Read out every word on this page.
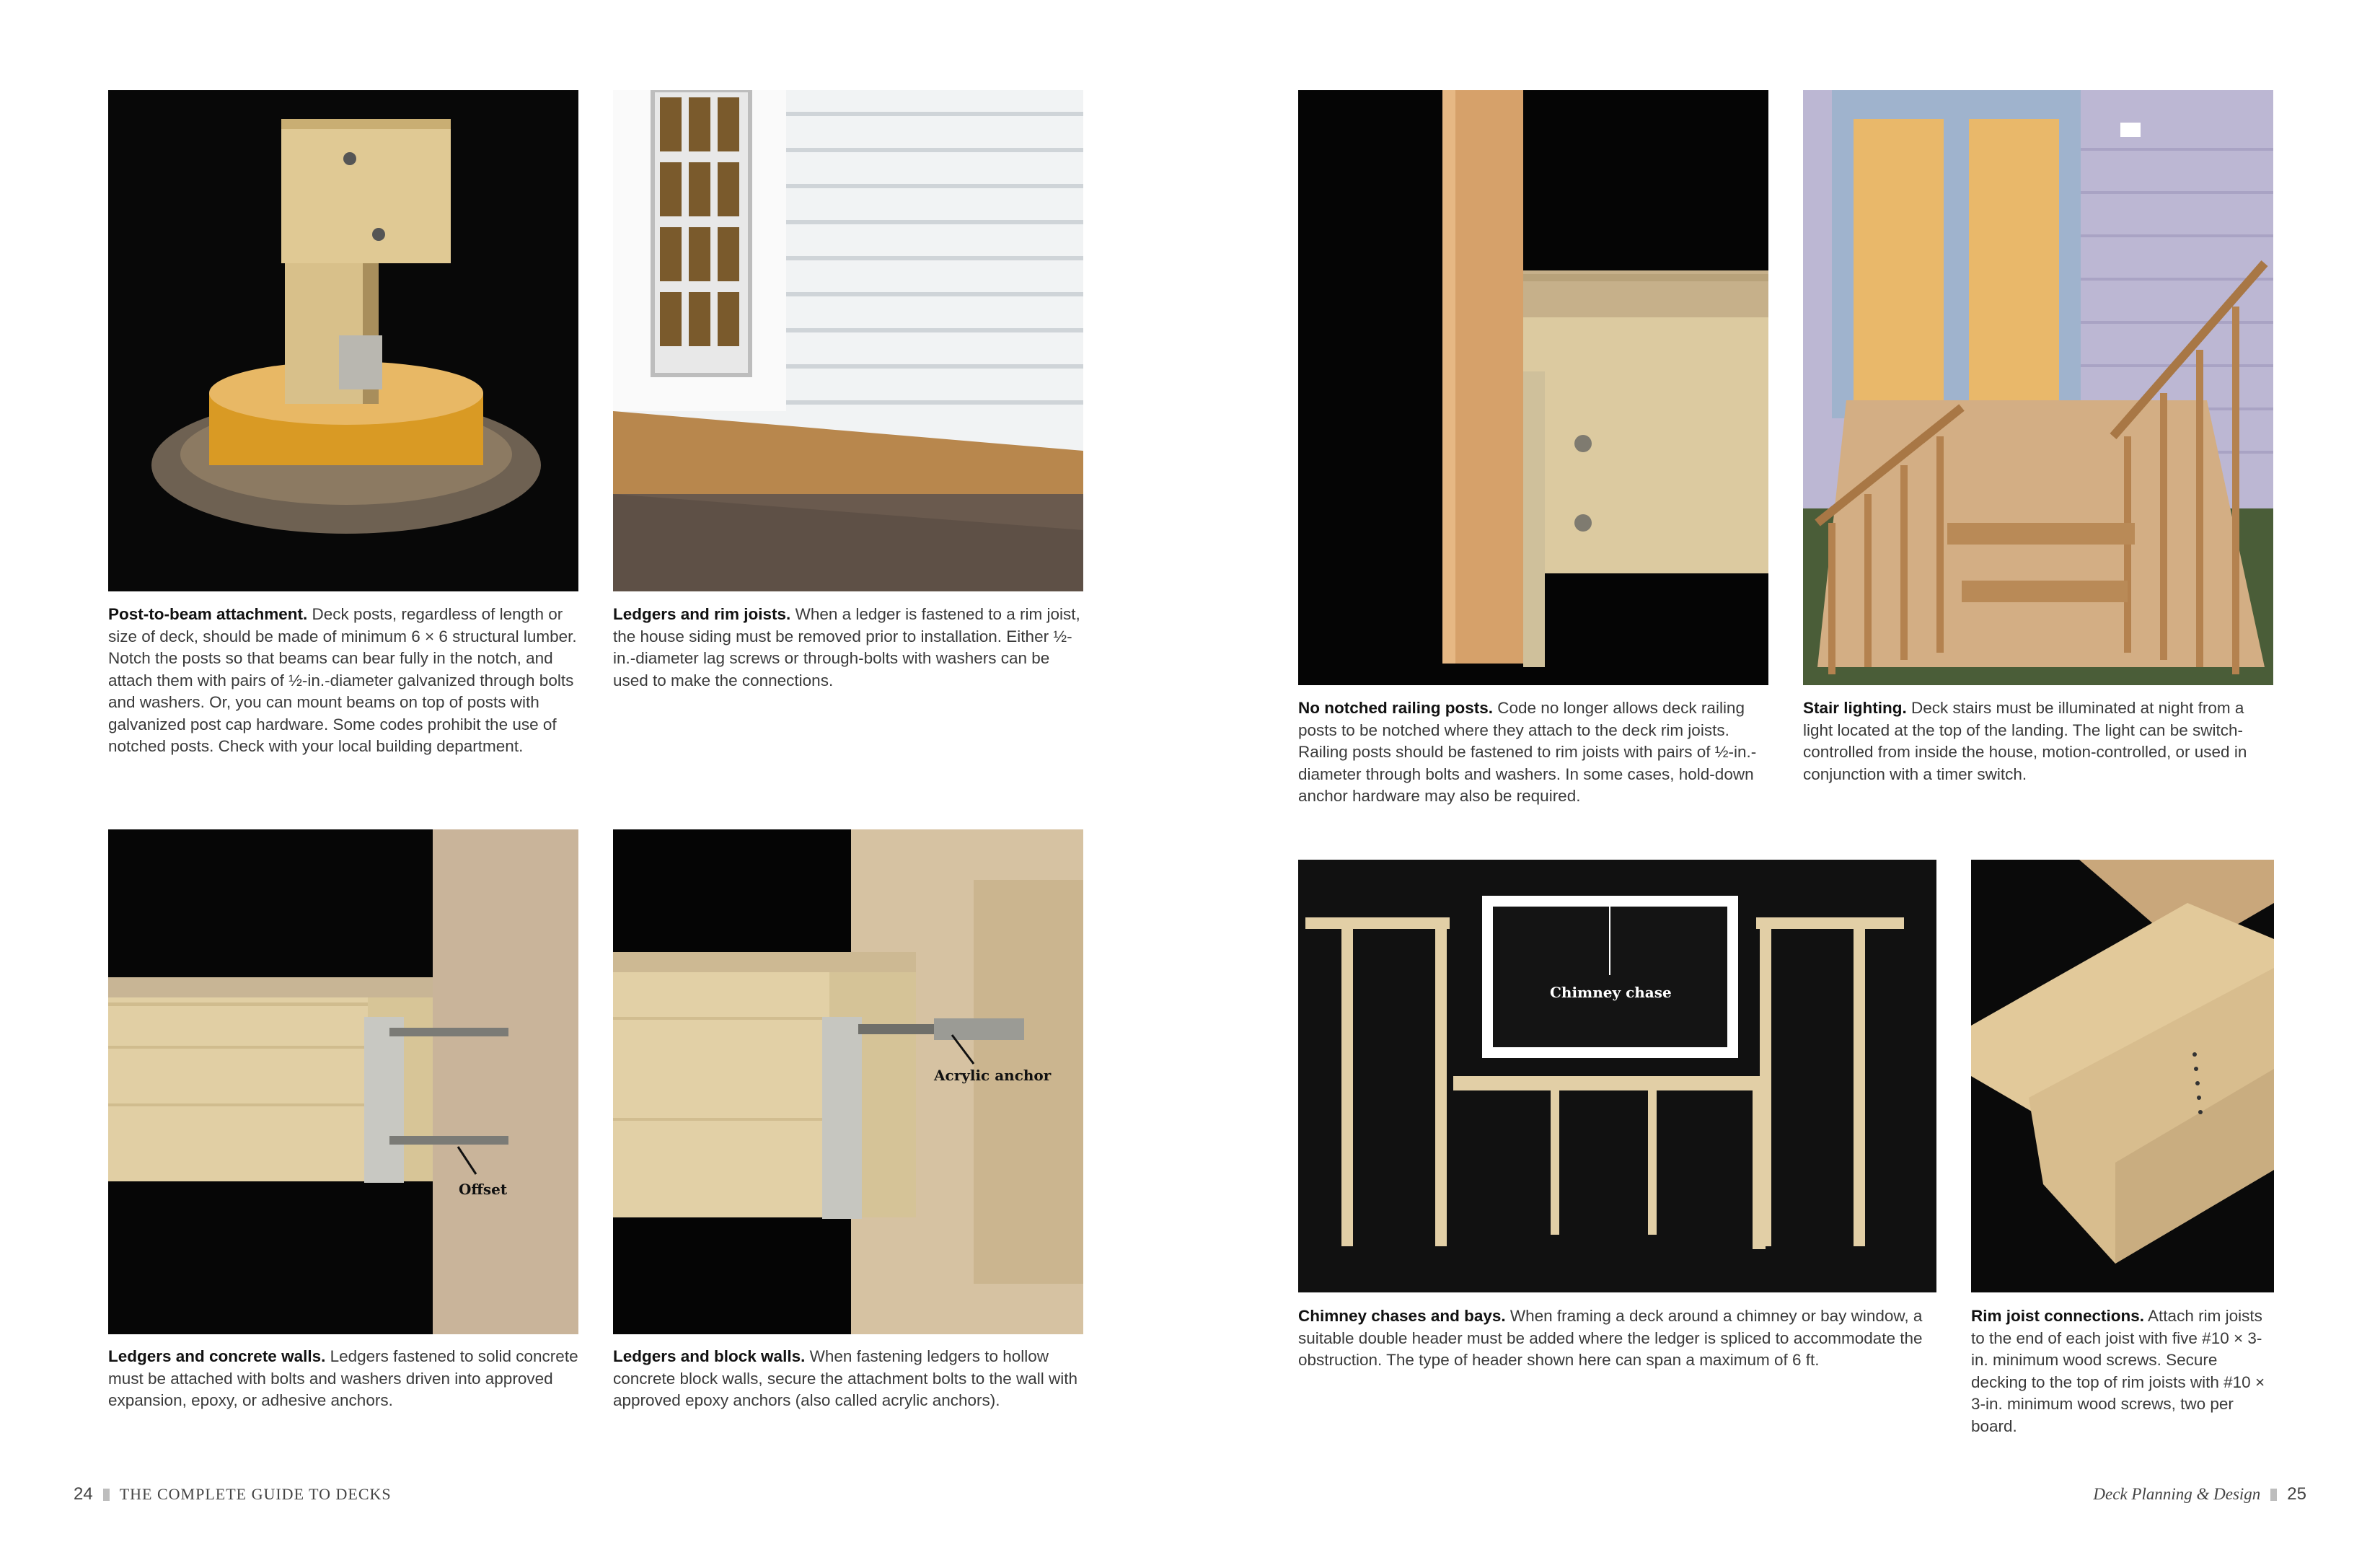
Post-to-beam attachment. Deck posts, regardless of length or size of deck, should be made of minimum 6 × 6 structural lumber. Notch the posts so that beams can bear fully in the notch, and attach them with pairs of ½-in.-diameter galvanized through bolts and washers. Or, you can mount beams on top of posts with galvanized post cap hardware. Some codes prohibit the use of notched posts. Check with your local building department.
Ledgers and rim joists. When a ledger is fastened to a rim joist, the house siding must be removed prior to installation. Either ½-in.-diameter lag screws or through-bolts with washers can be used to make the connections.
Offset
Acrylic anchor
Ledgers and concrete walls. Ledgers fastened to solid concrete must be attached with bolts and washers driven into approved expansion, epoxy, or adhesive anchors.
Ledgers and block walls. When fastening ledgers to hollow concrete block walls, secure the attachment bolts to the wall with approved epoxy anchors (also called acrylic anchors).
24 THE COMPLETE GUIDE TO DECKS
No notched railing posts. Code no longer allows deck railing posts to be notched where they attach to the deck rim joists. Railing posts should be fastened to rim joists with pairs of ½-in.-diameter through bolts and washers. In some cases, hold-down anchor hardware may also be required.
Stair lighting. Deck stairs must be illuminated at night from a light located at the top of the landing. The light can be switch-controlled from inside the house, motion-controlled, or used in conjunction with a timer switch.
Chimney chase
Chimney chases and bays. When framing a deck around a chimney or bay window, a suitable double header must be added where the ledger is spliced to accommodate the obstruction. The type of header shown here can span a maximum of 6 ft.
Rim joist connections. Attach rim joists to the end of each joist with five #10 × 3-in. minimum wood screws. Secure decking to the top of rim joists with #10 × 3-in. minimum wood screws, two per board.
Deck Planning & Design 25
